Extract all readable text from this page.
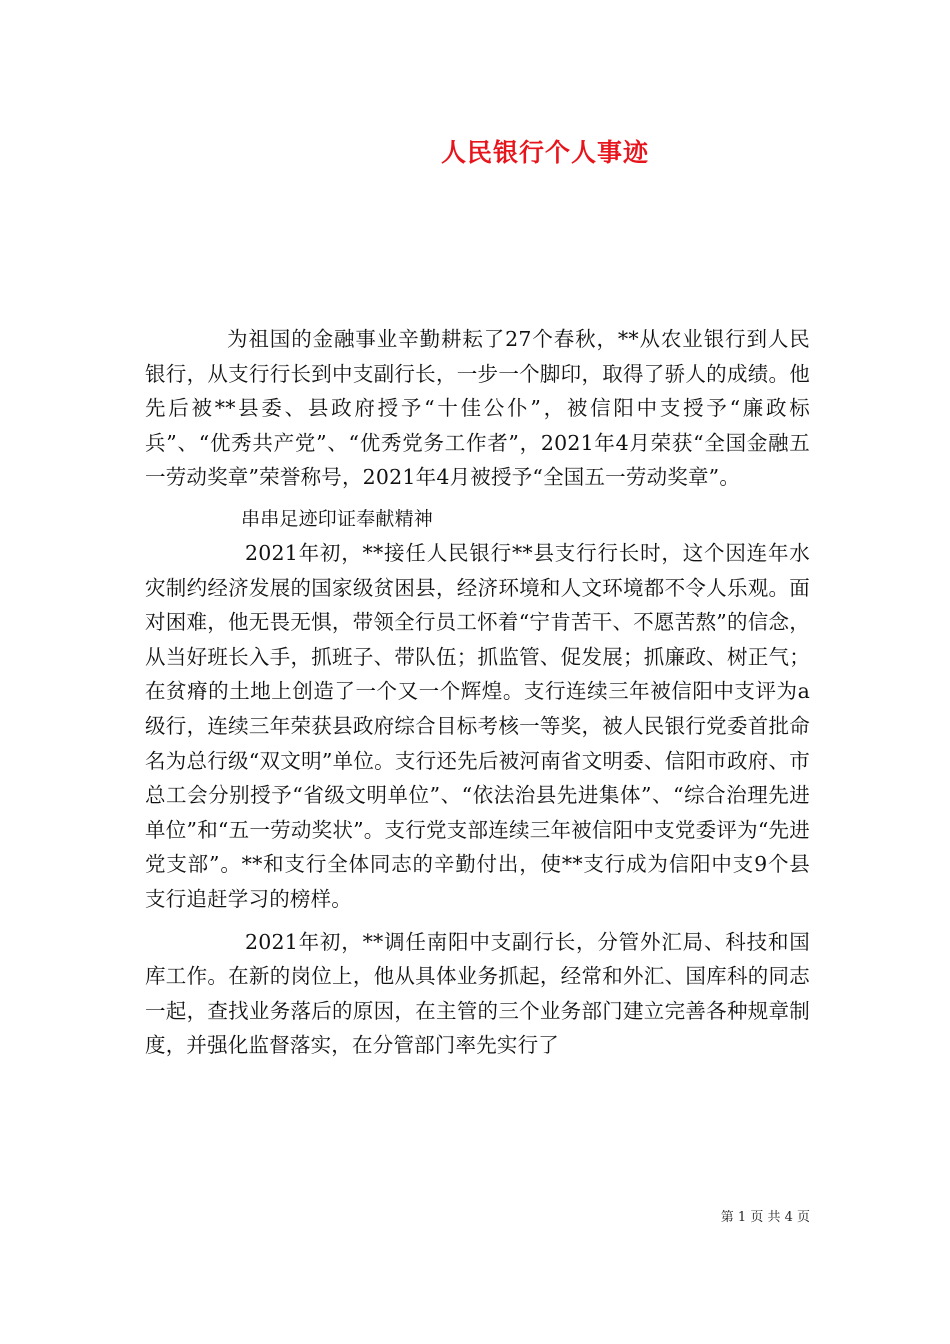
人民银行个人事迹

为祖国的金融事业辛勤耕耘了27个春秋，**从农业银行到人民银行，从支行行长到中支副行长，一步一个脚印，取得了骄人的成绩。他先后被**县委、县政府授予“十佳公仆”，被信阳中支授予“廉政标兵”、“优秀共产党”、“优秀党务工作者”，2021年4月荣获“全国金融五一劳动奖章”荣誉称号，2021年4月被授予“全国五一劳动奖章”。

串串足迹印证奉献精神

2021年初，**接任人民银行**县支行行长时，这个因连年水灾制约经济发展的国家级贫困县，经济环境和人文环境都不令人乐观。面对困难，他无畏无惧，带领全行员工怀着“宁肯苦干、不愿苦熬”的信念，从当好班长入手，抓班子、带队伍；抓监管、促发展；抓廉政、树正气；在贫瘠的土地上创造了一个又一个辉煌。支行连续三年被信阳中支评为a级行，连续三年荣获县政府综合目标考核一等奖，被人民银行党委首批命名为总行级“双文明”单位。支行还先后被河南省文明委、信阳市政府、市总工会分别授予“省级文明单位”、“依法治县先进集体”、“综合治理先进单位”和“五一劳动奖状”。支行党支部连续三年被信阳中支党委评为“先进党支部”。**和支行全体同志的辛勤付出，使**支行成为信阳中支9个县支行追赶学习的榜样。

2021年初，**调任南阳中支副行长，分管外汇局、科技和国库工作。在新的岗位上，他从具体业务抓起，经常和外汇、国库科的同志一起，查找业务落后的原因，在主管的三个业务部门建立完善各种规章制度，并强化监督落实，在分管部门率先实行了

第 1 页 共 4 页
